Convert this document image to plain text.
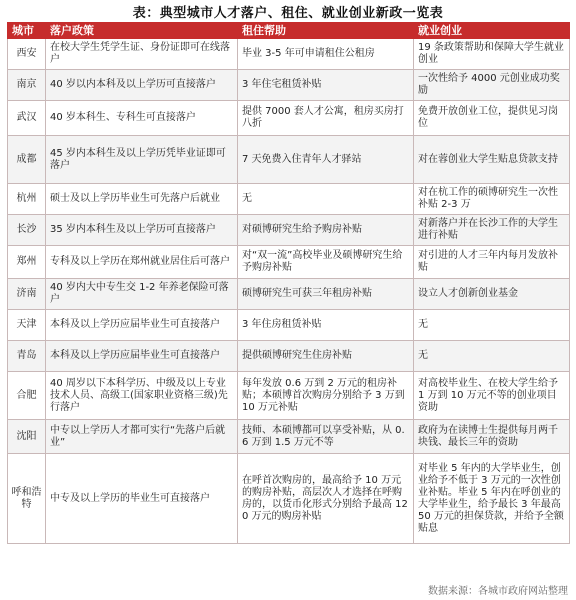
表：典型城市人才落户、租住、就业创业新政一览表
城市	落户政策	租住帮助	就业创业
西安	在校大学生凭学生证、身份证即可在线落户	毕业 3-5 年可申请租住公租房	19 条政策帮助和保障大学生就业创业
南京	40 岁以内本科及以上学历可直接落户	3 年住宅租赁补贴	一次性给予 4000 元创业成功奖励
武汉	40 岁本科生、专科生可直接落户	提供 7000 套人才公寓，租房买房打八折	免费开放创业工位，提供见习岗位
成都	45 岁内本科生及以上学历凭毕业证即可落户	7 天免费入住青年人才驿站	对在蓉创业大学生贴息贷款支持
杭州	硕士及以上学历毕业生可先落户后就业	无	对在杭工作的硕博研究生一次性补贴 2-3 万
长沙	35 岁内本科生及以上学历可直接落户	对硕博研究生给予购房补贴	对新落户并在长沙工作的大学生进行补贴
郑州	专科及以上学历在郑州就业居住后可落户	对“双一流”高校毕业及硕博研究生给予购房补贴	对引进的人才三年内每月发放补贴
济南	40 岁内大中专生交 1-2 年养老保险可落户	硕博研究生可获三年租房补贴	设立人才创新创业基金
天津	本科及以上学历应届毕业生可直接落户	3 年住房租赁补贴	无
青岛	本科及以上学历应届毕业生可直接落户	提供硕博研究生住房补贴	无
合肥	40 周岁以下本科学历、中级及以上专业技术人员、高级工(国家职业资格三级)先行落户	每年发放 0.6 万到 2 万元的租房补贴；本硕博首次购房分别给予 3 万到 10 万元补贴	对高校毕业生、在校大学生给予 1 万到 10 万元不等的创业项目资助
沈阳	中专以上学历人才都可实行“先落户后就业”	技师、本硕博都可以享受补贴，从 0.6 万到 1.5 万元不等	政府为在读博士生提供每月两千块钱、最长三年的资助
呼和浩特	中专及以上学历的毕业生可直接落户	在呼首次购房的，最高给予 10 万元的购房补贴，高层次人才选择在呼购房的，以货币化形式分别给予最高 120 万元的购房补贴	对毕业 5 年内的大学毕业生，创业给予不低于 3 万元的一次性创业补贴。毕业 5 年内在呼创业的大学毕业生，给予最长 3 年最高 50 万元的担保贷款，并给予全额贴息
数据来源：各城市政府网站整理
